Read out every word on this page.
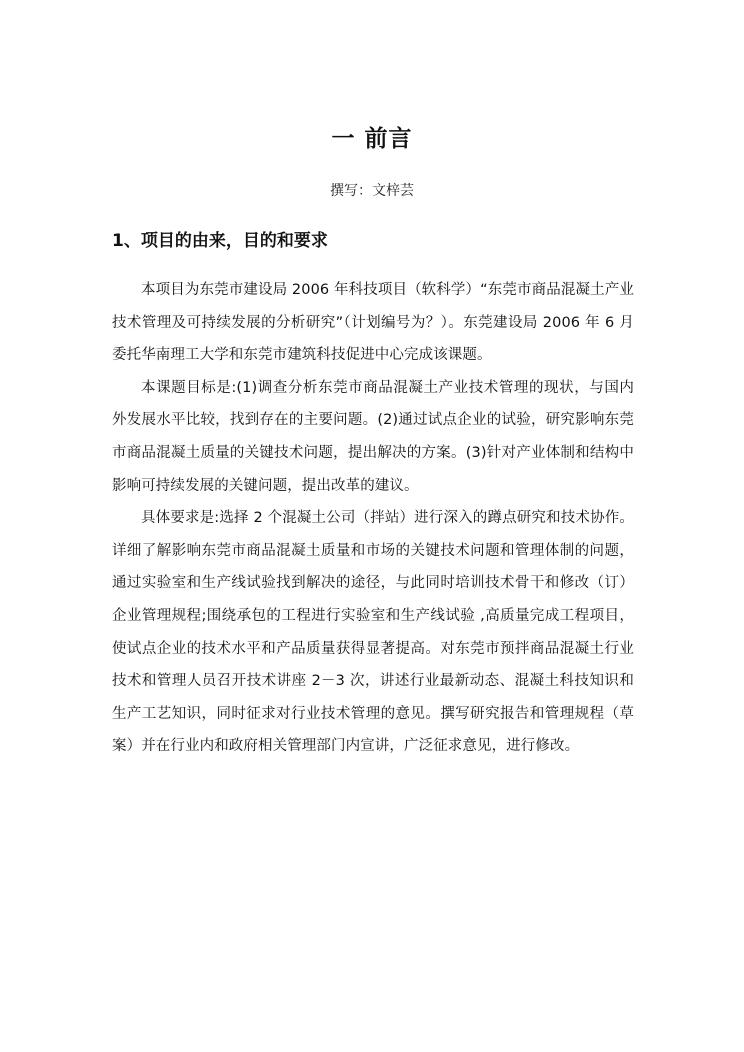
一 前言

撰写：文梓芸

1、项目的由来，目的和要求

本项目为东莞市建设局 2006 年科技项目（软科学）“东莞市商品混凝土产业技术管理及可持续发展的分析研究”（计划编号为？）。东莞建设局 2006 年 6 月委托华南理工大学和东莞市建筑科技促进中心完成该课题。

本课题目标是:(1)调查分析东莞市商品混凝土产业技术管理的现状，与国内外发展水平比较，找到存在的主要问题。(2)通过试点企业的试验，研究影响东莞市商品混凝土质量的关键技术问题，提出解决的方案。(3)针对产业体制和结构中影响可持续发展的关键问题，提出改革的建议。

具体要求是:选择 2 个混凝土公司（拌站）进行深入的蹲点研究和技术协作。详细了解影响东莞市商品混凝土质量和市场的关键技术问题和管理体制的问题，通过实验室和生产线试验找到解决的途径，与此同时培训技术骨干和修改（订）企业管理规程;围绕承包的工程进行实验室和生产线试验 ,高质量完成工程项目，使试点企业的技术水平和产品质量获得显著提高。对东莞市预拌商品混凝土行业技术和管理人员召开技术讲座 2－3 次，讲述行业最新动态、混凝土科技知识和生产工艺知识，同时征求对行业技术管理的意见。撰写研究报告和管理规程（草案）并在行业内和政府相关管理部门内宣讲，广泛征求意见，进行修改。
